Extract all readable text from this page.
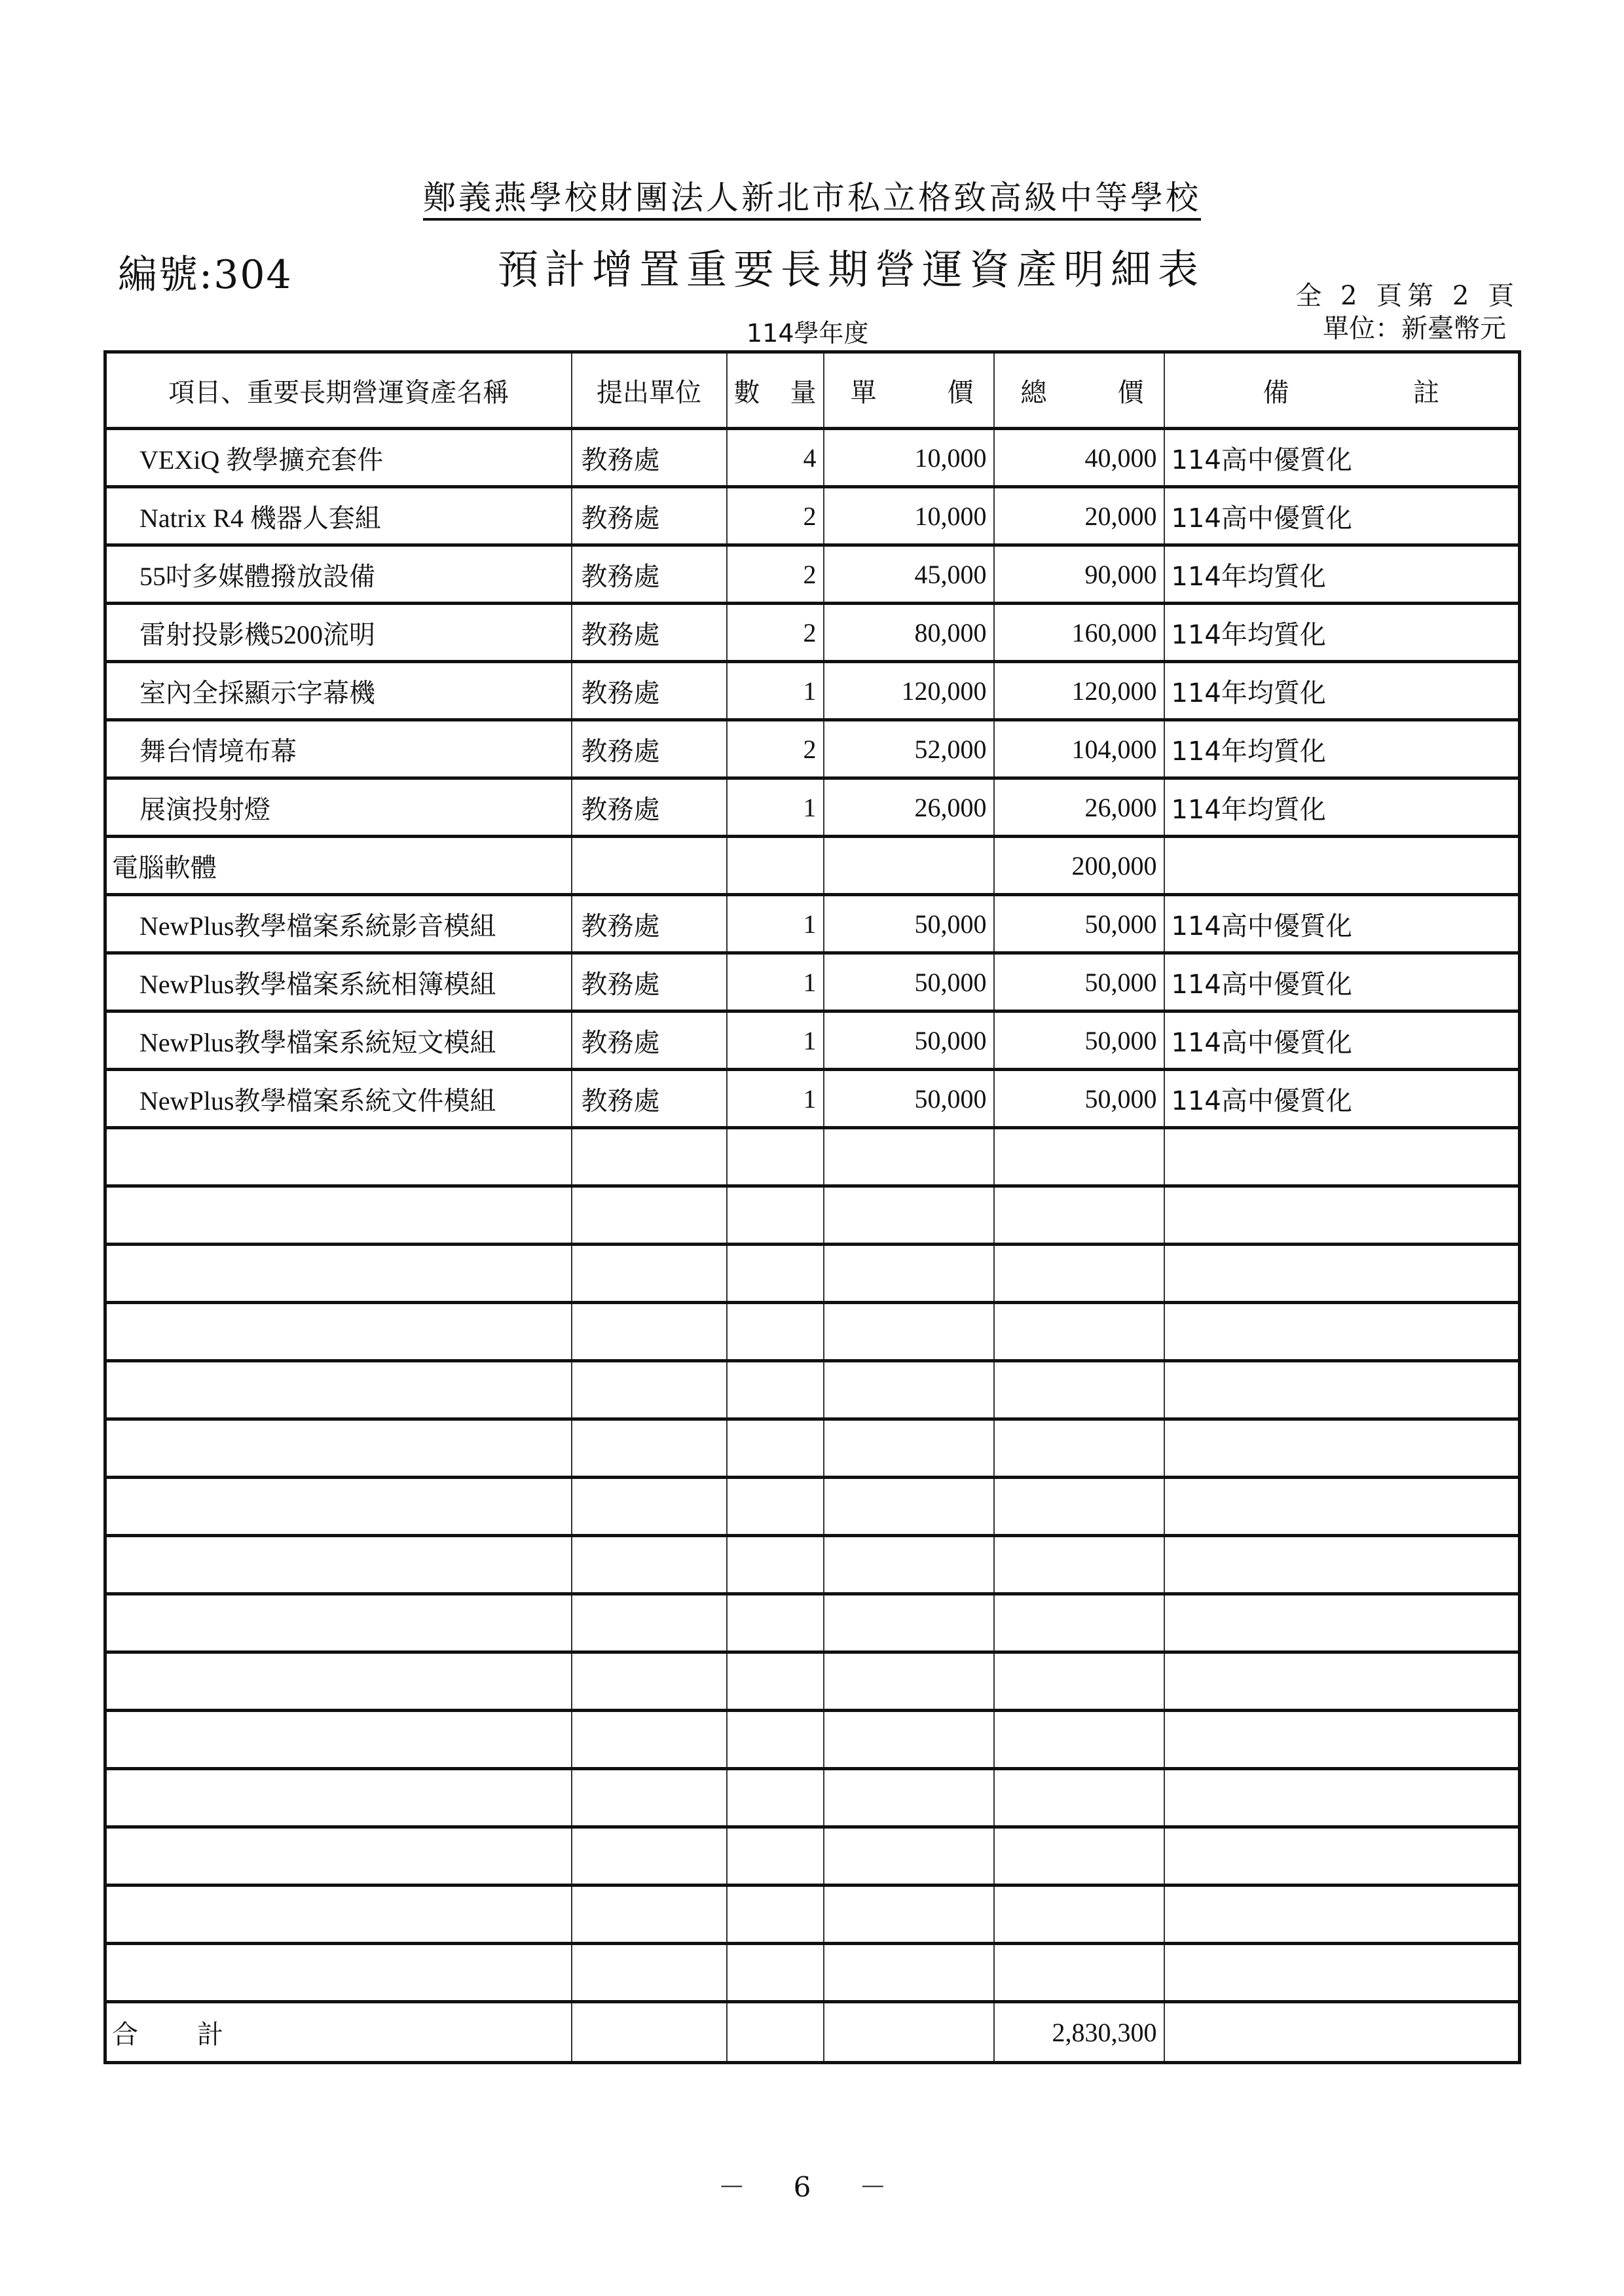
鄭義燕學校財團法人新北市私立格致高級中等學校
編號:304	預計增置重要長期營運資產明細表
全 2 頁第 2 頁
114學年度	單位：新臺幣元
項目、重要長期營運資產名稱	提出單位	數 量	單 價	總 價	備 註

VEXiQ 教學擴充套件	教務處	4	10,000	40,000	114高中優質化
Natrix R4 機器人套組	教務處	2	10,000	20,000	114高中優質化
55吋多媒體撥放設備	教務處	2	45,000	90,000	114年均質化
雷射投影機5200流明	教務處	2	80,000	160,000	114年均質化
室內全採顯示字幕機	教務處	1	120,000	120,000	114年均質化
舞台情境布幕	教務處	2	52,000	104,000	114年均質化
展演投射燈	教務處	1	26,000	26,000	114年均質化
電腦軟體				200,000	
NewPlus教學檔案系統影音模組	教務處	1	50,000	50,000	114高中優質化
NewPlus教學檔案系統相簿模組	教務處	1	50,000	50,000	114高中優質化
NewPlus教學檔案系統短文模組	教務處	1	50,000	50,000	114高中優質化
NewPlus教學檔案系統文件模組	教務處	1	50,000	50,000	114高中優質化

合 計				2,830,300	
－ 6 －
